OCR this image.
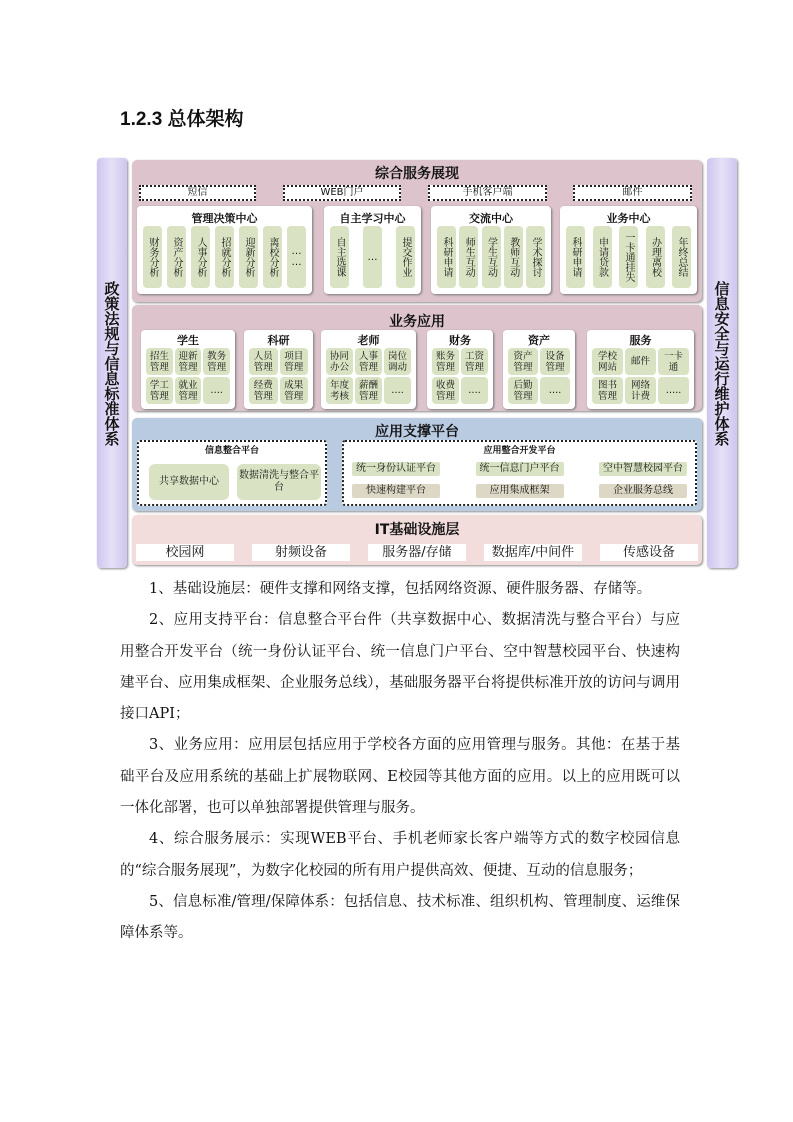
1.2.3 总体架构
政策法规与信息标准体系	信息安全与运行维护体系
综合服务展现
短信	WEB门户	手机客户端	邮件
管理决策中心
财务分析 资产分析 人事分析 招就分析 迎新分析 离校分析 ……
自主学习中心
自主选课 … 提交作业
交流中心
科研申请 师生互动 学生互动 教师互动 学术探讨
业务中心
科研申请 申请贷款 一卡通挂失 办理离校 年终总结
业务应用
学生
招生管理
迎新管理
教务管理
学工管理
就业管理 ….
科研
人员管理
项目管理
经费管理
成果管理
老师
协同办公
人事管理
岗位调动
年度考核
薪酬管理 ….
财务
账务管理
工资管理
收费管理 ….
资产
资产管理
设备管理
后勤管理	….
服务
学校网站	邮件	一卡通
图书管理
网络计费	…..
应用支撑平台
信息整合平台
共享数据中心
数据清洗与整合平台
应用整合开发平台
统一身份认证平台	统一信息门户平台	空中智慧校园平台
快速构建平台	应用集成框架	企业服务总线
IT基础设施层
校园网	射频设备	服务器/存储	数据库/中间件	传感设备

1、基础设施层：硬件支撑和网络支撑，包括网络资源、硬件服务器、存储等。

2、应用支持平台：信息整合平台件（共享数据中心、数据清洗与整合平台）与应用整合开发平台（统一身份认证平台、统一信息门户平台、空中智慧校园平台、快速构建平台、应用集成框架、企业服务总线），基础服务器平台将提供标准开放的访问与调用接口API；

3、业务应用：应用层包括应用于学校各方面的应用管理与服务。其他：在基于基础平台及应用系统的基础上扩展物联网、E校园等其他方面的应用。以上的应用既可以一体化部署，也可以单独部署提供管理与服务。

4、综合服务展示：实现WEB平台、手机老师家长客户端等方式的数字校园信息的“综合服务展现”，为数字化校园的所有用户提供高效、便捷、互动的信息服务；

5、信息标准/管理/保障体系：包括信息、技术标准、组织机构、管理制度、运维保障体系等。
